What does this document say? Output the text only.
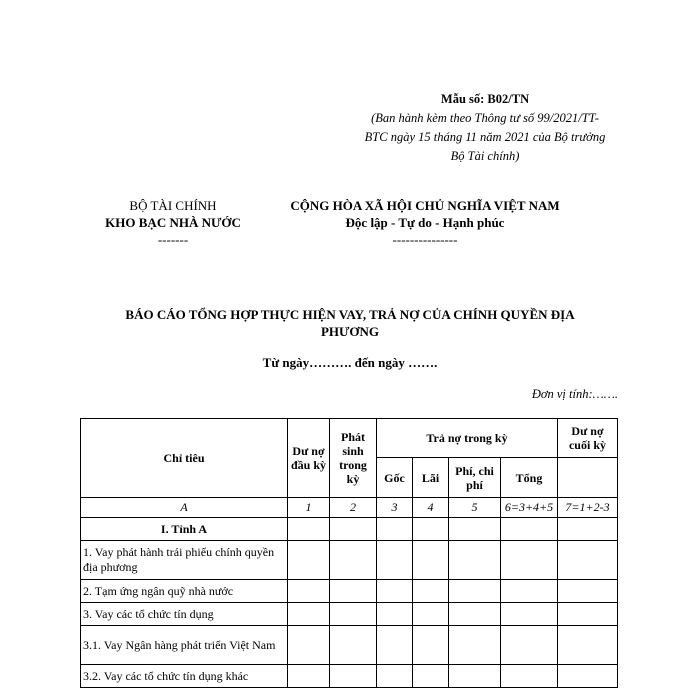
Mẫu số: B02/TN
(Ban hành kèm theo Thông tư số 99/2021/TT-
BTC ngày 15 tháng 11 năm 2021 của Bộ trưởng
Bộ Tài chính)
BỘ TÀI CHÍNH
KHO BẠC NHÀ NƯỚC
-------
CỘNG HÒA XÃ HỘI CHỦ NGHĨA VIỆT NAM
Độc lập - Tự do - Hạnh phúc
---------------
BÁO CÁO TỔNG HỢP THỰC HIỆN VAY, TRẢ NỢ CỦA CHÍNH QUYỀN ĐỊA
PHƯƠNG
Từ ngày………. đến ngày …….
Đơn vị tính:…….
Chỉ tiêu	Dư nợ đầu kỳ	Phát sinh trong kỳ	Trả nợ trong kỳ				Dư nợ cuối kỳ
			Gốc	Lãi	Phí, chi phí	Tổng	
A	1	2	3	4	5	6=3+4+5	7=1+2-3
I. Tỉnh A							
1. Vay phát hành trái phiếu chính quyền địa phương							
2. Tạm ứng ngân quỹ nhà nước							
3. Vay các tổ chức tín dụng							
3.1. Vay Ngân hàng phát triển Việt Nam							
3.2. Vay các tổ chức tín dụng khác							
